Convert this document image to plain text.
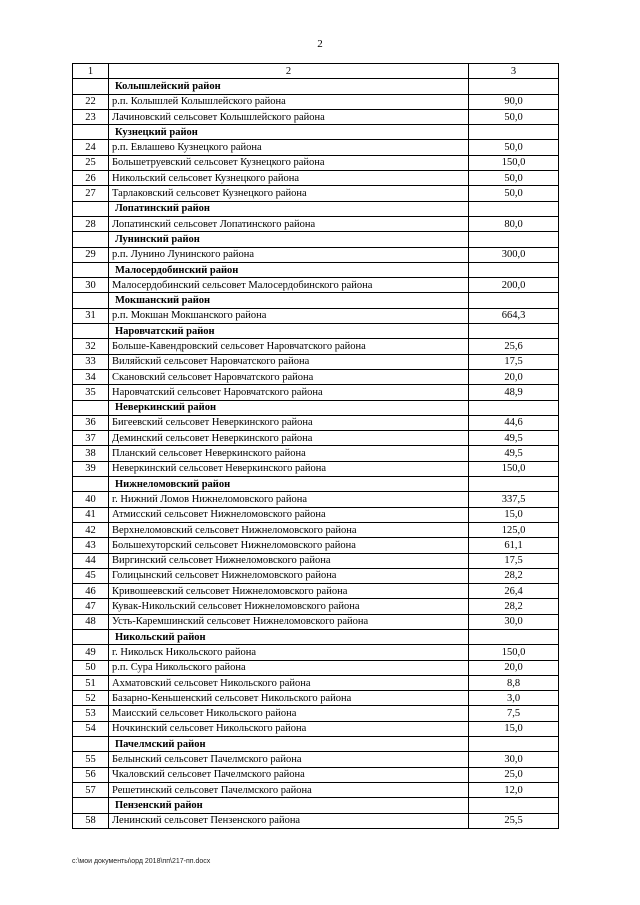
2
1	2	3
	Колышлейский район	
22	р.п. Колышлей Колышлейского района	90,0
23	Лачиновский сельсовет Колышлейского района	50,0
	Кузнецкий район	
24	р.п. Евлашево Кузнецкого района	50,0
25	Большетруевский сельсовет Кузнецкого района	150,0
26	Никольский сельсовет Кузнецкого района	50,0
27	Тарлаковский сельсовет Кузнецкого района	50,0
	Лопатинский район	
28	Лопатинский сельсовет Лопатинского района	80,0
	Лунинский район	
29	р.п. Лунино Лунинского района	300,0
	Малосердобинский район	
30	Малосердобинский сельсовет Малосердобинского района	200,0
	Мокшанский район	
31	р.п. Мокшан Мокшанского района	664,3
	Наровчатский район	
32	Больше-Кавендровский сельсовет Наровчатского района	25,6
33	Виляйский сельсовет Наровчатского района	17,5
34	Скановский сельсовет Наровчатского района	20,0
35	Наровчатский сельсовет Наровчатского района	48,9
	Неверкинский район	
36	Бигеевский сельсовет Неверкинского района	44,6
37	Деминский сельсовет Неверкинского района	49,5
38	Планский сельсовет Неверкинского района	49,5
39	Неверкинский сельсовет Неверкинского района	150,0
	Нижнеломовский район	
40	г. Нижний Ломов Нижнеломовского района	337,5
41	Атмисский сельсовет Нижнеломовского района	15,0
42	Верхнеломовский сельсовет Нижнеломовского района	125,0
43	Большехуторский сельсовет Нижнеломовского района	61,1
44	Виргинский сельсовет Нижнеломовского района	17,5
45	Голицынский сельсовет Нижнеломовского района	28,2
46	Кривошеевский сельсовет Нижнеломовского района	26,4
47	Кувак-Никольский сельсовет Нижнеломовского района	28,2
48	Усть-Каремшинский сельсовет Нижнеломовского района	30,0
	Никольский район	
49	г. Никольск Никольского района	150,0
50	р.п. Сура Никольского района	20,0
51	Ахматовский сельсовет Никольского района	8,8
52	Базарно-Кеньшенский сельсовет Никольского района	3,0
53	Маисский сельсовет Никольского района	7,5
54	Ночкинский сельсовет Никольского района	15,0
	Пачелмский район	
55	Белынский сельсовет Пачелмского района	30,0
56	Чкаловский сельсовет Пачелмского района	25,0
57	Решетинский сельсовет Пачелмского района	12,0
	Пензенский район	
58	Ленинский сельсовет Пензенского района	25,5
c:\мои документы\орд 2018\пп\217-пп.docx
